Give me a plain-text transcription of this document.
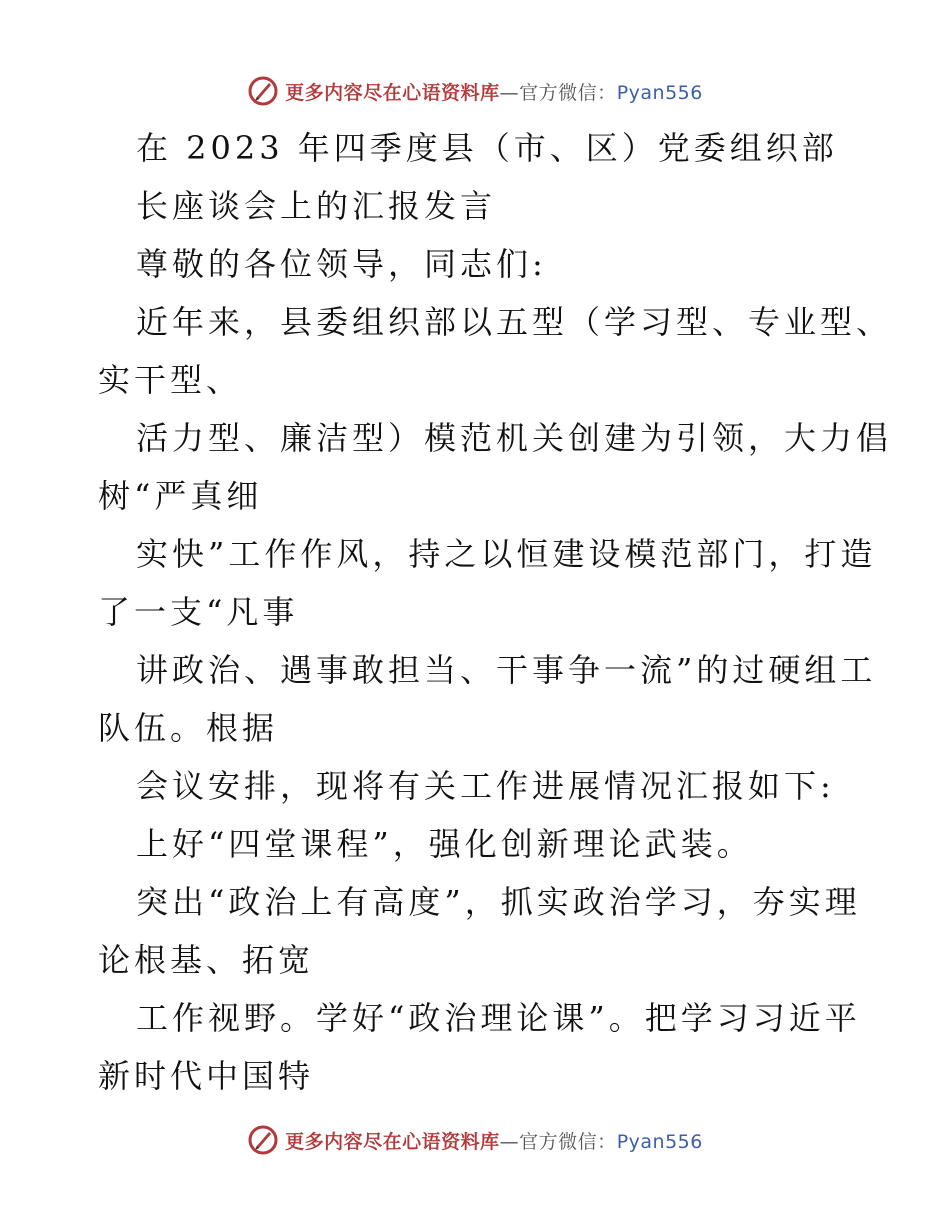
更多内容尽在心语资料库—官方微信：Pyan556
在 2023 年四季度县（市、区）党委组织部
长座谈会上的汇报发言
尊敬的各位领导，同志们:
近年来，县委组织部以五型（学习型、专业型、
实干型、
活力型、廉洁型）模范机关创建为引领，大力倡
树“严真细
实快”工作作风，持之以恒建设模范部门，打造
了一支“凡事
讲政治、遇事敢担当、干事争一流”的过硬组工
队伍。根据
会议安排，现将有关工作进展情况汇报如下:
上好“四堂课程”，强化创新理论武装。
突出“政治上有高度”，抓实政治学习，夯实理
论根基、拓宽
工作视野。学好“政治理论课”。把学习习近平
新时代中国特
更多内容尽在心语资料库—官方微信：Pyan556
